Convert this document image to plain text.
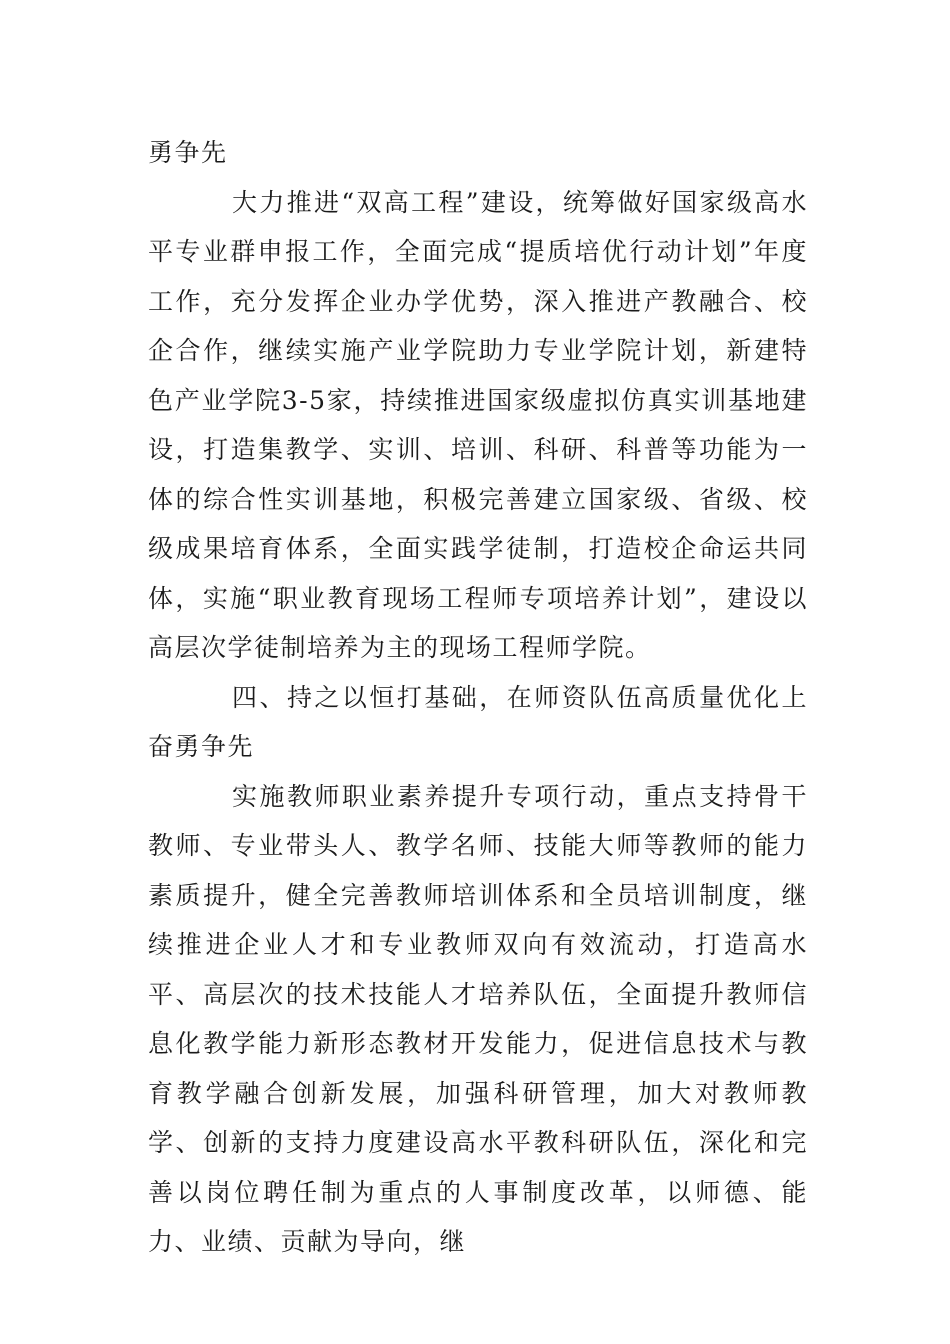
勇争先

大力推进“双高工程”建设，统筹做好国家级高水平专业群申报工作，全面完成“提质培优行动计划”年度工作，充分发挥企业办学优势，深入推进产教融合、校企合作，继续实施产业学院助力专业学院计划，新建特色产业学院3-5家，持续推进国家级虚拟仿真实训基地建设，打造集教学、实训、培训、科研、科普等功能为一体的综合性实训基地，积极完善建立国家级、省级、校级成果培育体系，全面实践学徒制，打造校企命运共同体，实施“职业教育现场工程师专项培养计划”，建设以高层次学徒制培养为主的现场工程师学院。

四、持之以恒打基础，在师资队伍高质量优化上奋勇争先

实施教师职业素养提升专项行动，重点支持骨干教师、专业带头人、教学名师、技能大师等教师的能力素质提升，健全完善教师培训体系和全员培训制度，继续推进企业人才和专业教师双向有效流动，打造高水平、高层次的技术技能人才培养队伍，全面提升教师信息化教学能力新形态教材开发能力，促进信息技术与教育教学融合创新发展，加强科研管理，加大对教师教学、创新的支持力度建设高水平教科研队伍，深化和完善以岗位聘任制为重点的人事制度改革，以师德、能力、业绩、贡献为导向，继
